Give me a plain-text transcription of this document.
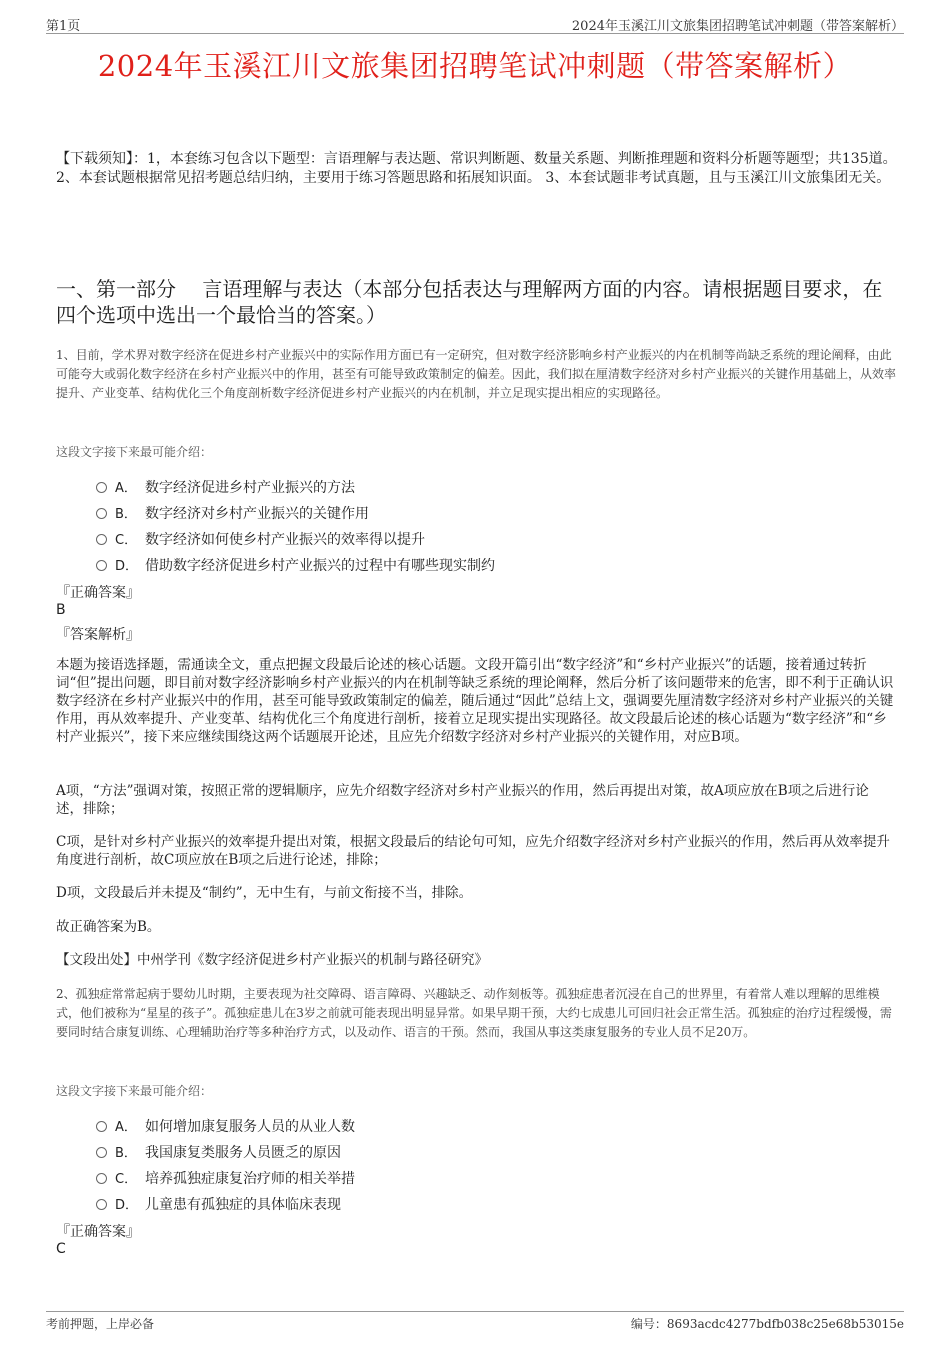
第1页	2024年玉溪江川文旅集团招聘笔试冲刺题（带答案解析）
2024年玉溪江川文旅集团招聘笔试冲刺题（带答案解析）
【下载须知】：1，本套练习包含以下题型：言语理解与表达题、常识判断题、数量关系题、判断推理题和资料分析题等题型；共135道。 2、本套试题根据常见招考题总结归纳，主要用于练习答题思路和拓展知识面。 3、本套试题非考试真题，且与玉溪江川文旅集团无关。
一、第一部分　 言语理解与表达（本部分包括表达与理解两方面的内容。请根据题目要求，在四个选项中选出一个最恰当的答案。）
1、目前，学术界对数字经济在促进乡村产业振兴中的实际作用方面已有一定研究，但对数字经济影响乡村产业振兴的内在机制等尚缺乏系统的理论阐释，由此可能夸大或弱化数字经济在乡村产业振兴中的作用，甚至有可能导致政策制定的偏差。因此，我们拟在厘清数字经济对乡村产业振兴的关键作用基础上，从效率提升、产业变革、结构优化三个角度剖析数字经济促进乡村产业振兴的内在机制，并立足现实提出相应的实现路径。
这段文字接下来最可能介绍：
A． 数字经济促进乡村产业振兴的方法
B． 数字经济对乡村产业振兴的关键作用
C． 数字经济如何使乡村产业振兴的效率得以提升
D． 借助数字经济促进乡村产业振兴的过程中有哪些现实制约
『正确答案』
B
『答案解析』
本题为接语选择题，需通读全文，重点把握文段最后论述的核心话题。文段开篇引出“数字经济”和“乡村产业振兴”的话题，接着通过转折词“但”提出问题，即目前对数字经济影响乡村产业振兴的内在机制等缺乏系统的理论阐释，然后分析了该问题带来的危害，即不利于正确认识数字经济在乡村产业振兴中的作用，甚至可能导致政策制定的偏差，随后通过“因此”总结上文，强调要先厘清数字经济对乡村产业振兴的关键作用，再从效率提升、产业变革、结构优化三个角度进行剖析，接着立足现实提出实现路径。故文段最后论述的核心话题为“数字经济”和“乡村产业振兴”，接下来应继续围绕这两个话题展开论述，且应先介绍数字经济对乡村产业振兴的关键作用，对应B项。
A项，“方法”强调对策，按照正常的逻辑顺序，应先介绍数字经济对乡村产业振兴的作用，然后再提出对策，故A项应放在B项之后进行论述，排除；
C项，是针对乡村产业振兴的效率提升提出对策，根据文段最后的结论句可知，应先介绍数字经济对乡村产业振兴的作用，然后再从效率提升角度进行剖析，故C项应放在B项之后进行论述，排除；
D项，文段最后并未提及“制约”，无中生有，与前文衔接不当，排除。
故正确答案为B。
【文段出处】中州学刊《数字经济促进乡村产业振兴的机制与路径研究》
2、孤独症常常起病于婴幼儿时期，主要表现为社交障碍、语言障碍、兴趣缺乏、动作刻板等。孤独症患者沉浸在自己的世界里，有着常人难以理解的思维模式，他们被称为“星星的孩子”。孤独症患儿在3岁之前就可能表现出明显异常。如果早期干预，大约七成患儿可回归社会正常生活。孤独症的治疗过程缓慢，需要同时结合康复训练、心理辅助治疗等多种治疗方式，以及动作、语言的干预。然而，我国从事这类康复服务的专业人员不足20万。
这段文字接下来最可能介绍：
A． 如何增加康复服务人员的从业人数
B． 我国康复类服务人员匮乏的原因
C． 培养孤独症康复治疗师的相关举措
D． 儿童患有孤独症的具体临床表现
『正确答案』
C
考前押题，上岸必备	编号：8693acdc4277bdfb038c25e68b53015e
